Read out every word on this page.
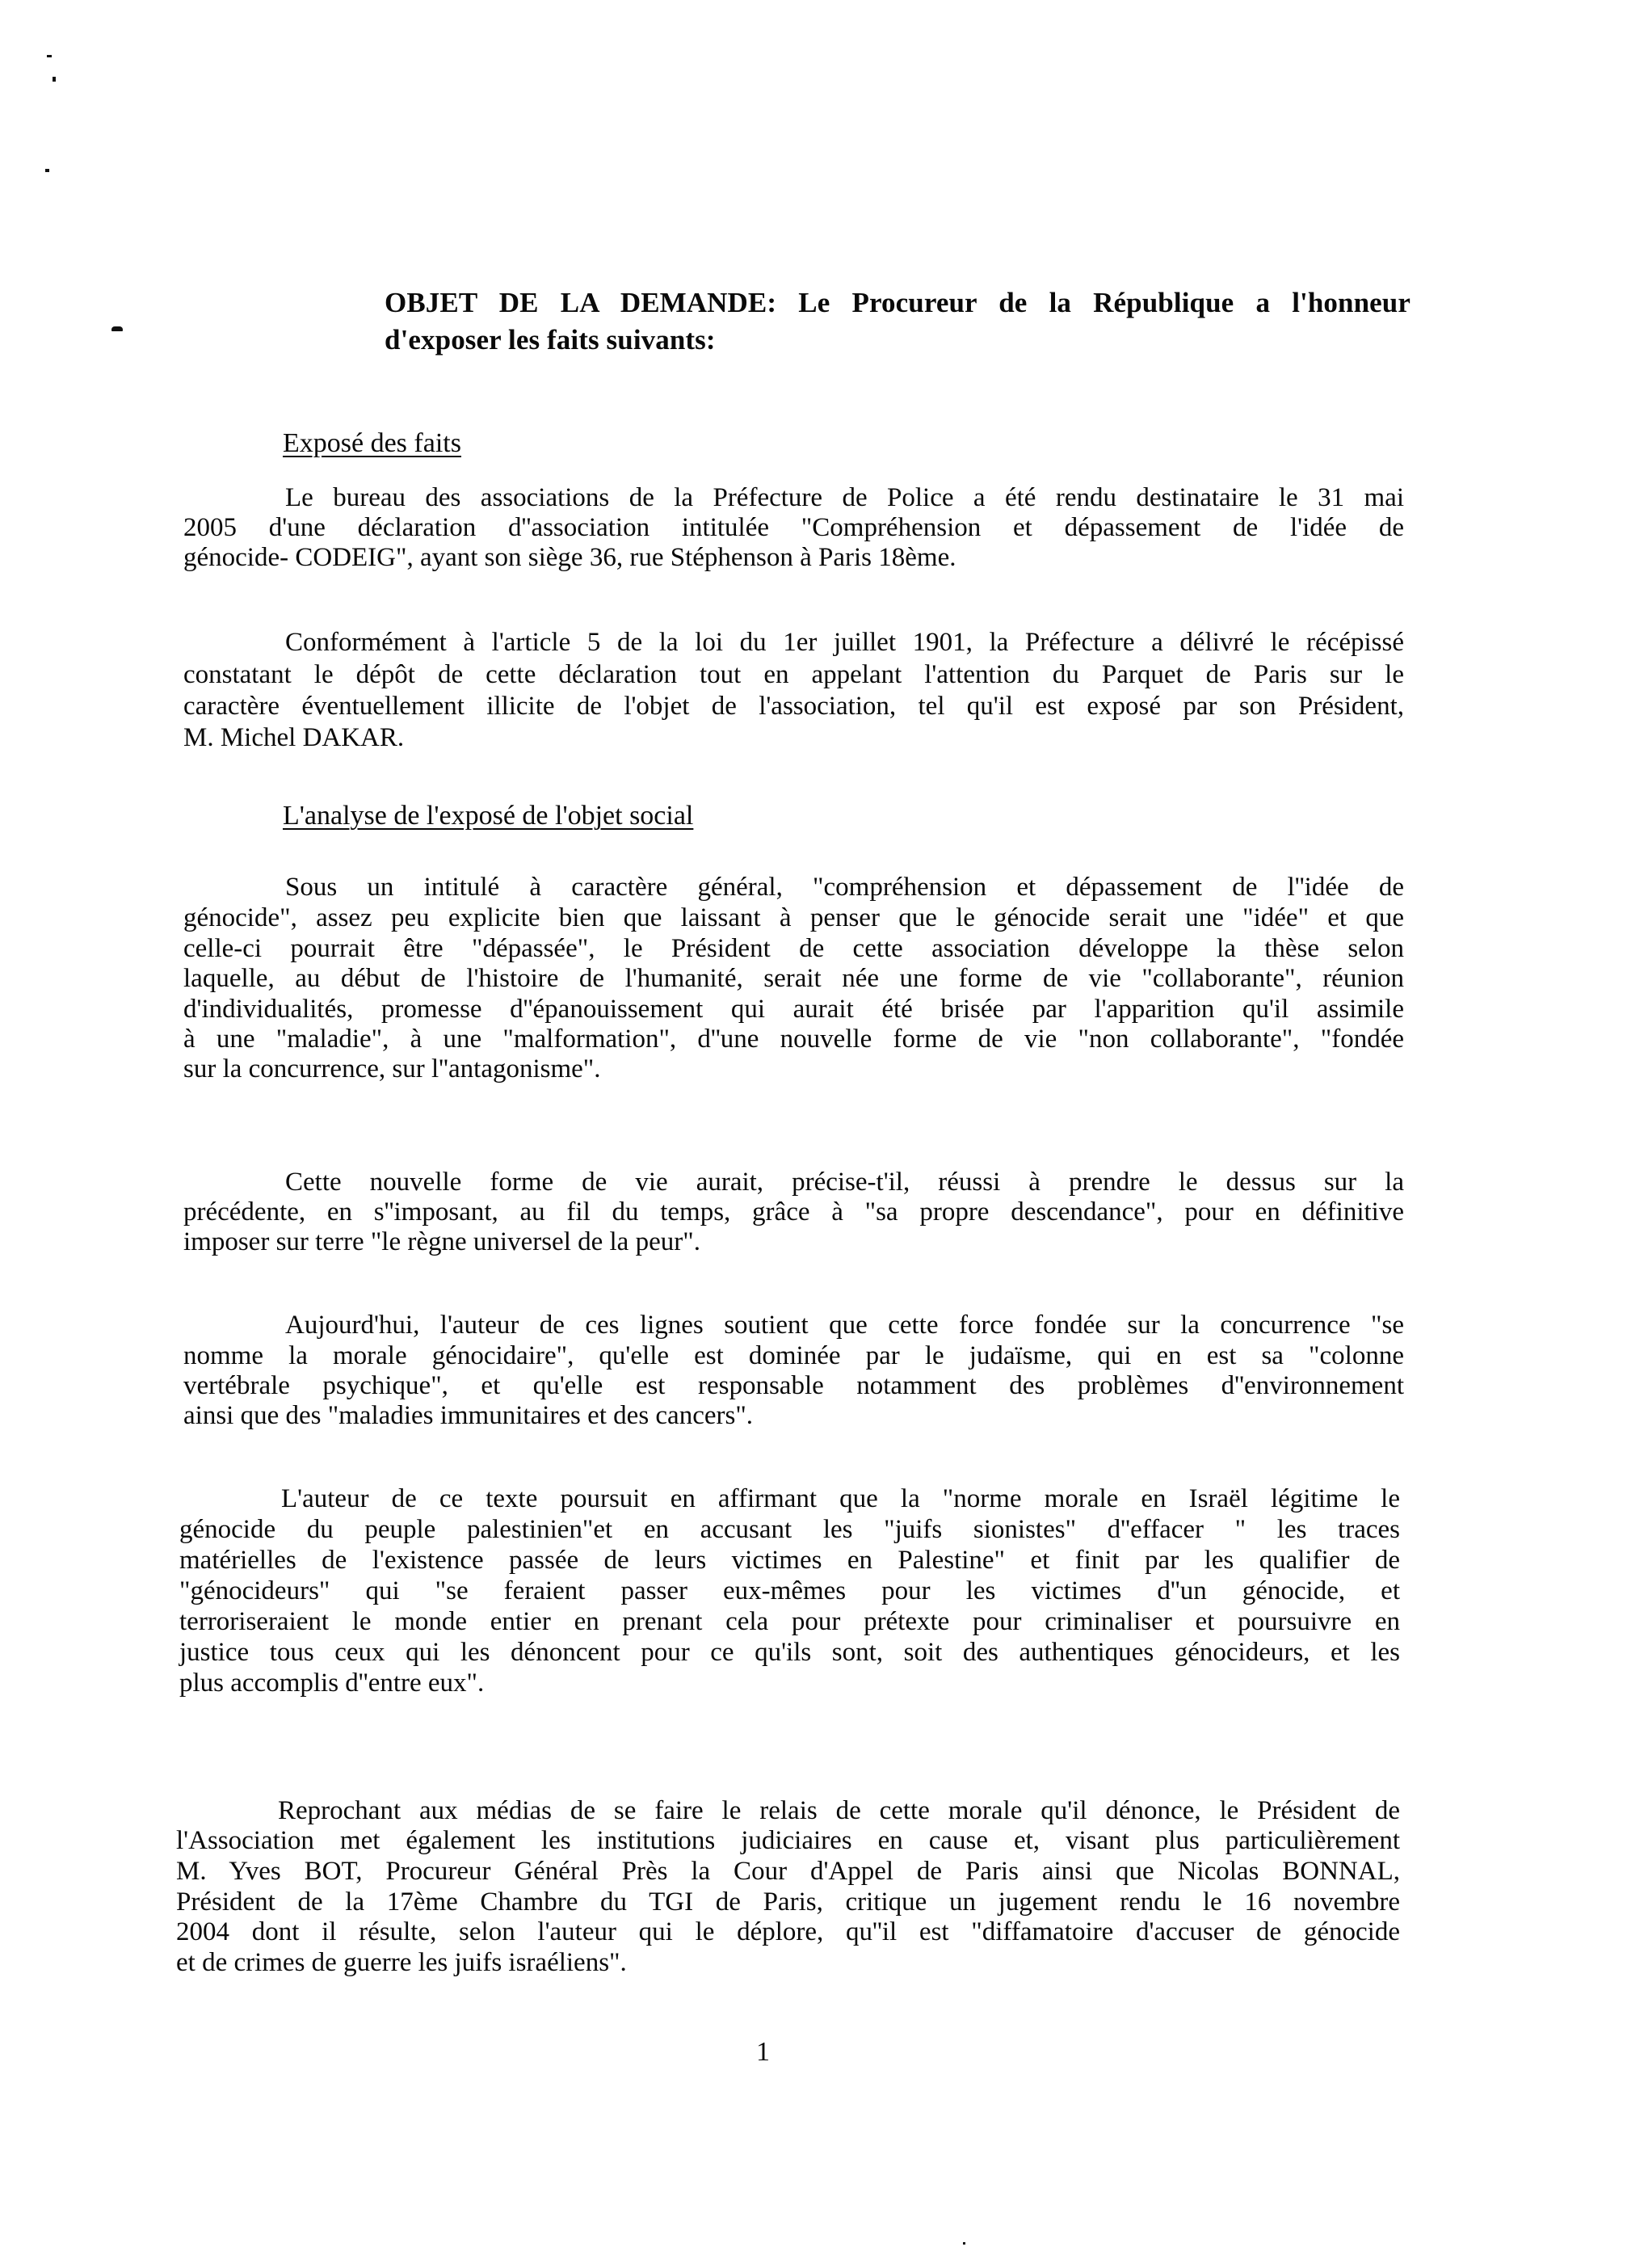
OBJET DE LA DEMANDE: Le Procureur de la République a l'honneur
d'exposer les faits suivants:
Exposé des faits
Le bureau des associations de la Préfecture de Police a été rendu destinataire le 31 mai
2005 d'une déclaration d''association intitulée "Compréhension et dépassement de l'idée de
génocide- CODEIG", ayant son siège 36, rue Stéphenson à Paris 18ème.
Conformément à l'article 5 de la loi du 1er juillet 1901, la Préfecture a délivré le récépissé
constatant le dépôt de cette déclaration tout en appelant l'attention du Parquet de Paris sur le
caractère éventuellement illicite de l'objet de l'association, tel qu'il est exposé par son Président,
M. Michel DAKAR.
L'analyse de l'exposé de l'objet social
Sous un intitulé à caractère général, "compréhension et dépassement de l''idée de
génocide", assez peu explicite bien que laissant à penser que le génocide serait une "idée" et que
celle-ci pourrait être "dépassée", le Président de cette association développe la thèse selon
laquelle, au début de l'histoire de l'humanité, serait née une forme de vie "collaborante", réunion
d'individualités, promesse d''épanouissement qui aurait été brisée par l'apparition qu'il assimile
à une "maladie", à une "malformation", d''une nouvelle forme de vie "non collaborante", "fondée
sur la concurrence, sur l''antagonisme".
Cette nouvelle forme de vie aurait, précise-t'il, réussi à prendre le dessus sur la
précédente, en s''imposant, au fil du temps, grâce à "sa propre descendance", pour en définitive
imposer sur terre "le règne universel de la peur".
Aujourd'hui, l'auteur de ces lignes soutient que cette force fondée sur la concurrence "se
nomme la morale génocidaire", qu'elle est dominée par le judaïsme, qui en est sa "colonne
vertébrale psychique", et qu'elle est responsable notamment des problèmes d''environnement
ainsi que des "maladies immunitaires et des cancers".
L'auteur de ce texte poursuit en affirmant que la "norme morale en Israël légitime le
génocide du peuple palestinien"et en accusant les "juifs sionistes" d''effacer " les traces
matérielles de l'existence passée de leurs victimes en Palestine" et finit par les qualifier de
"génocideurs" qui "se feraient passer eux-mêmes pour les victimes d''un génocide, et
terroriseraient le monde entier en prenant cela pour prétexte pour criminaliser et poursuivre en
justice tous ceux qui les dénoncent pour ce qu'ils sont, soit des authentiques génocideurs, et les
plus accomplis d''entre eux".
Reprochant aux médias de se faire le relais de cette morale qu'il dénonce, le Président de
l'Association met également les institutions judiciaires en cause et, visant plus particulièrement
M. Yves BOT, Procureur Général Près la Cour d'Appel de Paris ainsi que Nicolas BONNAL,
Président de la 17ème Chambre du TGI de Paris, critique un jugement rendu le 16 novembre
2004 dont il résulte, selon l'auteur qui le déplore, qu''il est "diffamatoire d'accuser de génocide
et de crimes de guerre les juifs israéliens".
1
